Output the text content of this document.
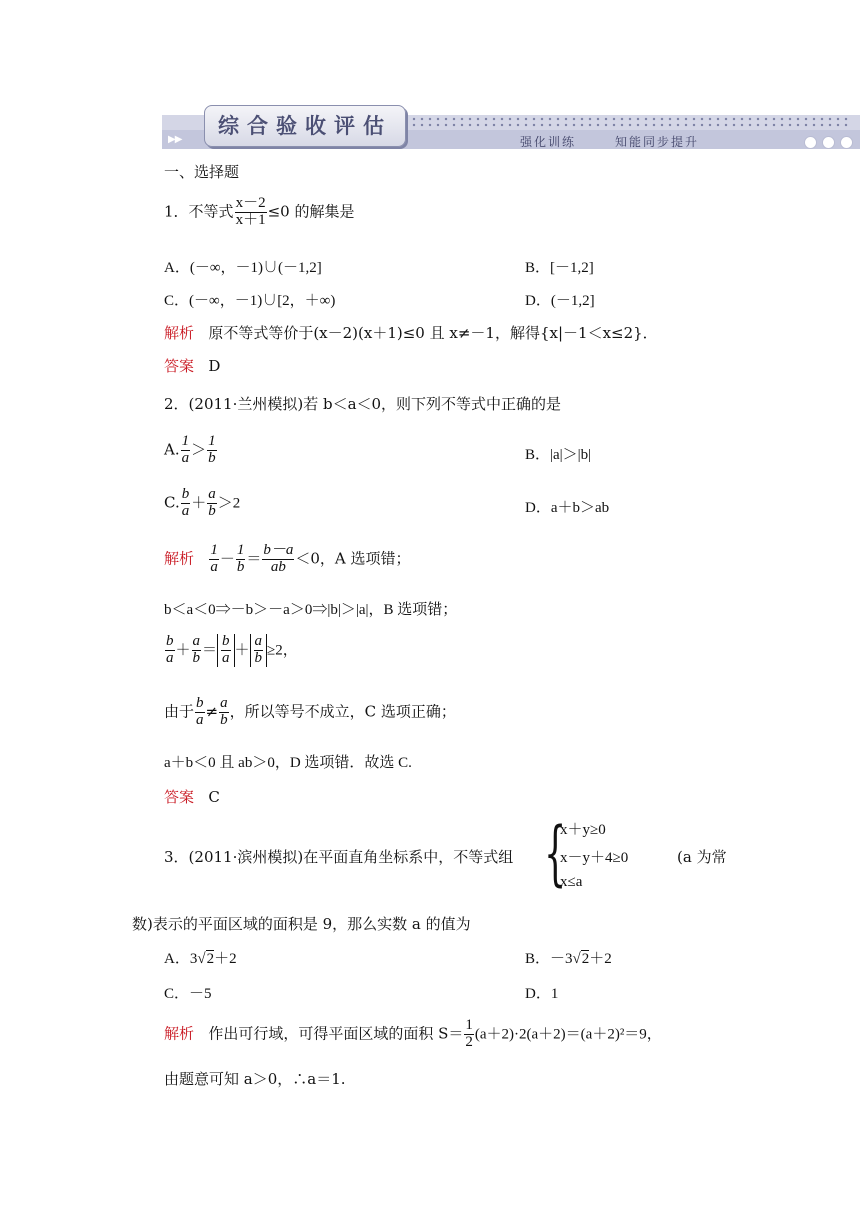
▶▶
综合验收评估
强化训练	知能同步提升
一、选择题
1．不等式 $\frac{x-2}{x+1} \le 0$ 的解集是
A．(－∞，－1)∪(－1,2]	B．[－1,2]
C．(－∞，－1)∪[2，＋∞)	D．(－1,2]
解析 原不等式等价于(x－2)(x＋1)≤0 且 x≠－1，解得{x|－1＜x≤2}．
答案 D
2．(2011·兰州模拟)若 b＜a＜0，则下列不等式中正确的是
A. $\frac{1}{a} > \frac{1}{b}$	B．|a|＞|b|
C. $\frac{b}{a} + \frac{a}{b} >2$	D．a＋b＞ab
解析 $\frac{1}{a} - \frac{1}{b} = \frac{b-a}{ab} <0$，A 选项错；
b＜a＜0⇒－b＞－a＞0⇒|b|＞|a|，B 选项错；
$\frac{b}{a} + \frac{a}{b} = \frac{b}{a} + \frac{a}{b} \ge 2$，
由于 $\frac{b}{a} \ne \frac{a}{b}$ ，所以等号不成立，C 选项正确；
a＋b＜0 且 ab＞0，D 选项错．故选 C.
答案 C
3．(2011·滨州模拟)在平面直角坐标系中，不等式组 {
x＋y≥0
x－y＋4≥0
x≤a
(a 为常
数)表示的平面区域的面积是 9，那么实数 a 的值为
A．3√2＋2	B．－3√2＋2
C．－5	D．1
解析 作出可行域，可得平面区域的面积 $S= \frac{1}{2} (a+2)\cdot 2(a+2)=(a+2)^2=9$，
由题意可知 a＞0，∴a＝1.
